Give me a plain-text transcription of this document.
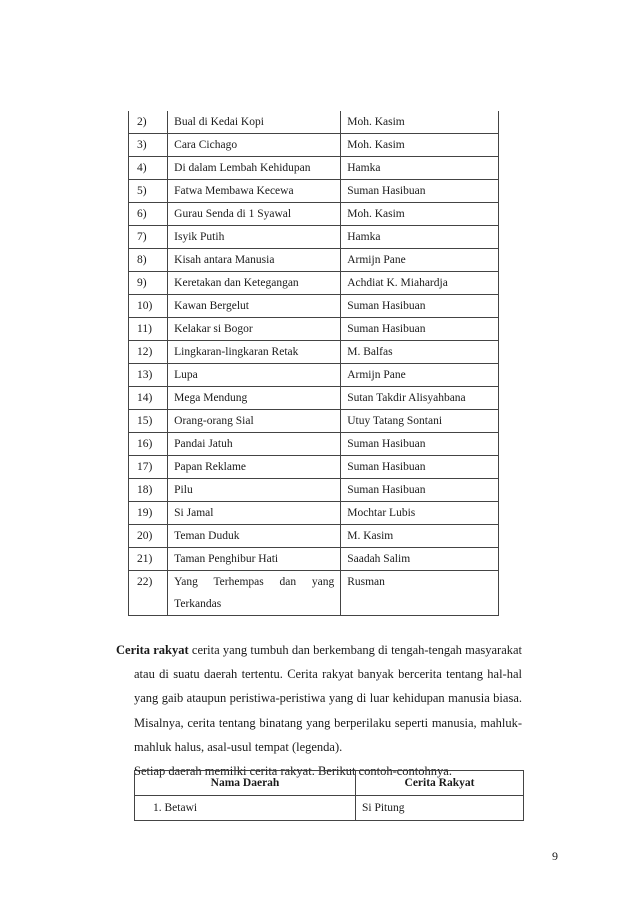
2)	Bual di Kedai Kopi	Moh. Kasim
3)	Cara Cichago	Moh. Kasim
4)	Di dalam Lembah Kehidupan	Hamka
5)	Fatwa Membawa Kecewa	Suman Hasibuan
6)	Gurau Senda di 1 Syawal	Moh. Kasim
7)	Isyik Putih	Hamka
8)	Kisah antara Manusia	Armijn Pane
9)	Keretakan dan Ketegangan	Achdiat K. Miahardja
10)	Kawan Bergelut	Suman Hasibuan
11)	Kelakar si Bogor	Suman Hasibuan
12)	Lingkaran-lingkaran Retak	M. Balfas
13)	Lupa	Armijn Pane
14)	Mega Mendung	Sutan Takdir Alisyahbana
15)	Orang-orang Sial	Utuy Tatang Sontani
16)	Pandai Jatuh	Suman Hasibuan
17)	Papan Reklame	Suman Hasibuan
18)	Pilu	Suman Hasibuan
19)	Si Jamal	Mochtar Lubis
20)	Teman Duduk	M. Kasim
21)	Taman Penghibur Hati	Saadah Salim
22)	Yang Terhempas dan yang Terkandas	Rusman
Cerita rakyat cerita yang tumbuh dan berkembang di tengah-tengah masyarakat atau di suatu daerah tertentu. Cerita rakyat banyak bercerita tentang hal-hal yang gaib ataupun peristiwa-peristiwa yang di luar kehidupan manusia biasa. Misalnya, cerita tentang binatang yang berperilaku seperti manusia, mahluk-mahluk halus, asal-usul tempat (legenda).
Setiap daerah memilki cerita rakyat. Berikut contoh-contohnya.
Nama Daerah	Cerita Rakyat
1. Betawi	Si Pitung
9
